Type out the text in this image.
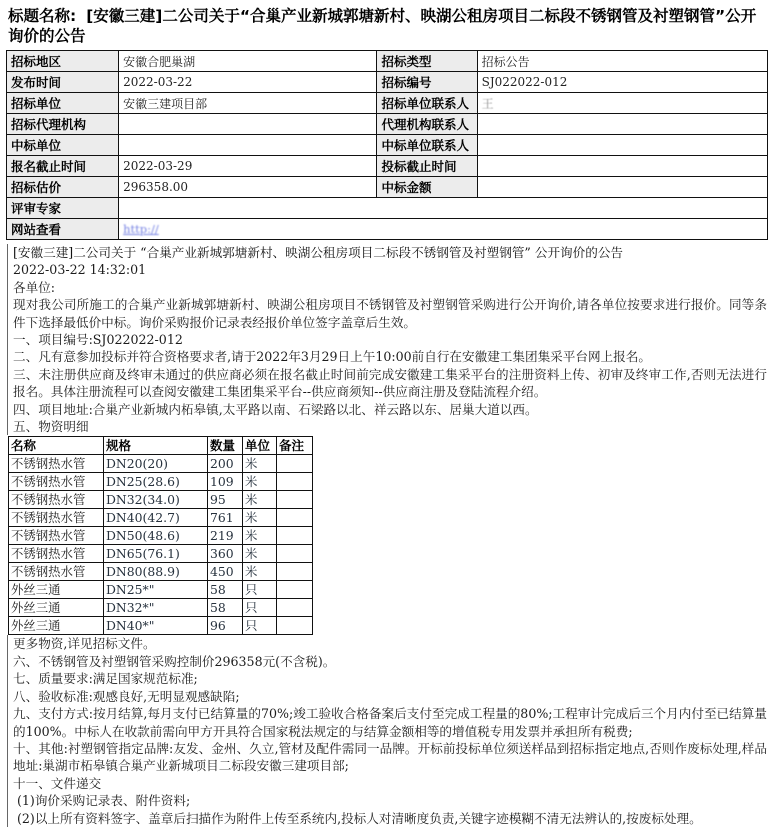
标题名称: [安徽三建]二公司关于“合巢产业新城郭塘新村、映湖公租房项目二标段不锈钢管及衬塑钢管”公开询价的公告
招标地区	安徽合肥巢湖	招标类型	招标公告
发布时间	2022-03-22	招标编号	SJ022022-012
招标单位	安徽三建项目部	招标单位联系人	王
招标代理机构		代理机构联系人	
中标单位		中标单位联系人	
报名截止时间	2022-03-29	投标截止时间	
招标估价	296358.00	中标金额	
评审专家			
网站查看	http://		

[安徽三建]二公司关于 “合巢产业新城郭塘新村、映湖公租房项目二标段不锈钢管及衬塑钢管” 公开询价的公告

2022-03-22 14:32:01

各单位:

现对我公司所施工的合巢产业新城郭塘新村、映湖公租房项目不锈钢管及衬塑钢管采购进行公开询价,请各单位按要求进行报价。同等条件下选择最低价中标。询价采购报价记录表经报价单位签字盖章后生效。

一、项目编号:SJ022022-012

二、凡有意参加投标并符合资格要求者,请于2022年3月29日上午10:00前自行在安徽建工集团集采平台网上报名。

三、未注册供应商及终审未通过的供应商必须在报名截止时间前完成安徽建工集采平台的注册资料上传、初审及终审工作,否则无法进行报名。具体注册流程可以查阅安徽建工集团集采平台--供应商须知--供应商注册及登陆流程介绍。

四、项目地址:合巢产业新城内柘皋镇,太平路以南、石梁路以北、祥云路以东、居巢大道以西。

五、物资明细

名称	规格	数量	单位	备注
不锈钢热水管	DN20(20)	200	米	
不锈钢热水管	DN25(28.6)	109	米	
不锈钢热水管	DN32(34.0)	95	米	
不锈钢热水管	DN40(42.7)	761	米	
不锈钢热水管	DN50(48.6)	219	米	
不锈钢热水管	DN65(76.1)	360	米	
不锈钢热水管	DN80(88.9)	450	米	
外丝三通	DN25*"	58	只	
外丝三通	DN32*"	58	只	
外丝三通	DN40*"	96	只	

更多物资,详见招标文件。

六、不锈钢管及衬塑钢管采购控制价296358元(不含税)。

七、质量要求:满足国家规范标准;

八、验收标准:观感良好,无明显观感缺陷;

九、支付方式:按月结算,每月支付已结算量的70%;竣工验收合格备案后支付至完成工程量的80%;工程审计完成后三个月内付至已结算量的100%。中标人在收款前需向甲方开具符合国家税法规定的与结算金额相等的增值税专用发票并承担所有税费;

十、其他:衬塑钢管指定品牌:友发、金州、久立,管材及配件需同一品牌。开标前投标单位须送样品到招标指定地点,否则作废标处理,样品地址:巢湖市柘皋镇合巢产业新城项目二标段安徽三建项目部;

十一、文件递交

(1)询价采购记录表、附件资料;

(2)以上所有资料签字、盖章后扫描作为附件上传至系统内,投标人对清晰度负责,关键字迹模糊不清无法辨认的,按废标处理。
